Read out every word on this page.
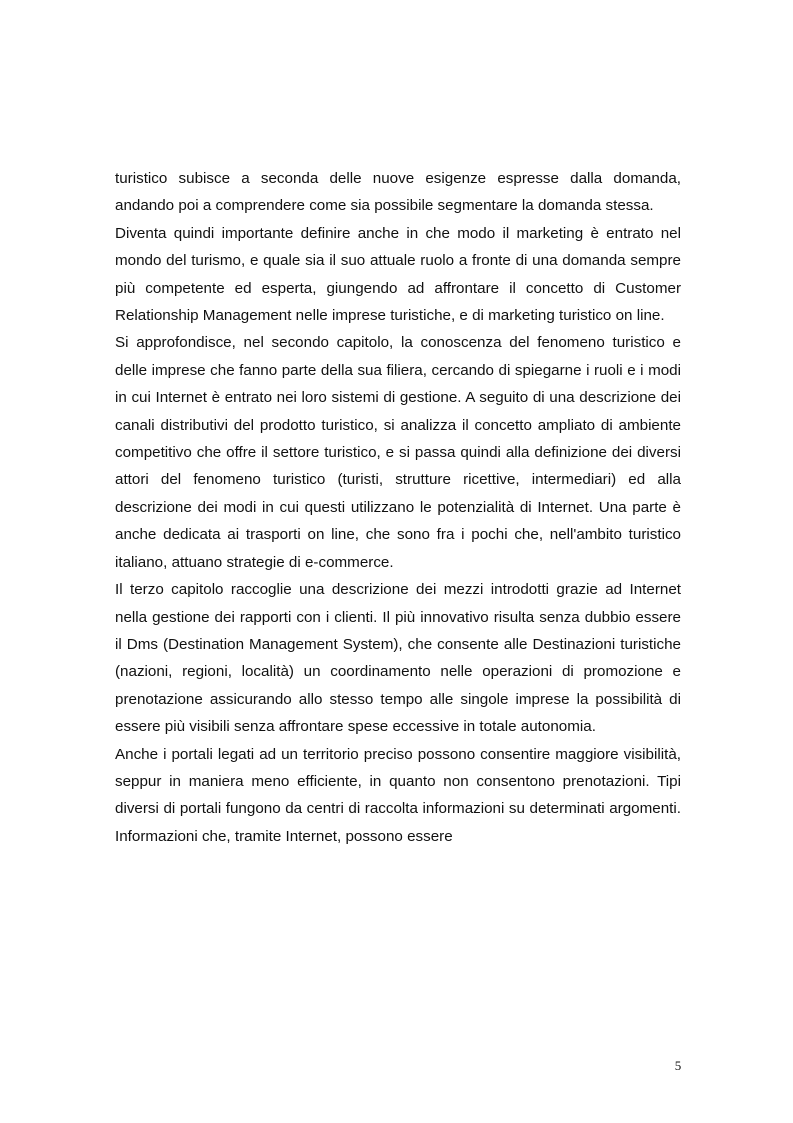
turistico subisce a seconda delle nuove esigenze espresse dalla domanda, andando poi a comprendere come sia possibile segmentare la domanda stessa.

Diventa quindi importante definire anche in che modo il marketing è entrato nel mondo del turismo, e quale sia il suo attuale ruolo a fronte di una domanda sempre più competente ed esperta, giungendo ad affrontare il concetto di Customer Relationship Management nelle imprese turistiche, e di marketing turistico on line.

Si approfondisce, nel secondo capitolo, la conoscenza del fenomeno turistico e delle imprese che fanno parte della sua filiera, cercando di spiegarne i ruoli e i modi in cui Internet è entrato nei loro sistemi di gestione. A seguito di una descrizione dei canali distributivi del prodotto turistico, si analizza il concetto ampliato di ambiente competitivo che offre il settore turistico, e si passa quindi alla definizione dei diversi attori del fenomeno turistico (turisti, strutture ricettive, intermediari) ed alla descrizione dei modi in cui questi utilizzano le potenzialità di Internet. Una parte è anche dedicata ai trasporti on line, che sono fra i pochi che, nell'ambito turistico italiano, attuano strategie di e-commerce.

Il terzo capitolo raccoglie una descrizione dei mezzi introdotti grazie ad Internet nella gestione dei rapporti con i clienti. Il più innovativo risulta senza dubbio essere il Dms (Destination Management System), che consente alle Destinazioni turistiche (nazioni, regioni, località) un coordinamento nelle operazioni di promozione e prenotazione assicurando allo stesso tempo alle singole imprese la possibilità di essere più visibili senza affrontare spese eccessive in totale autonomia.

Anche i portali legati ad un territorio preciso possono consentire maggiore visibilità, seppur in maniera meno efficiente, in quanto non consentono prenotazioni. Tipi diversi di portali fungono da centri di raccolta informazioni su determinati argomenti. Informazioni che, tramite Internet, possono essere

5
